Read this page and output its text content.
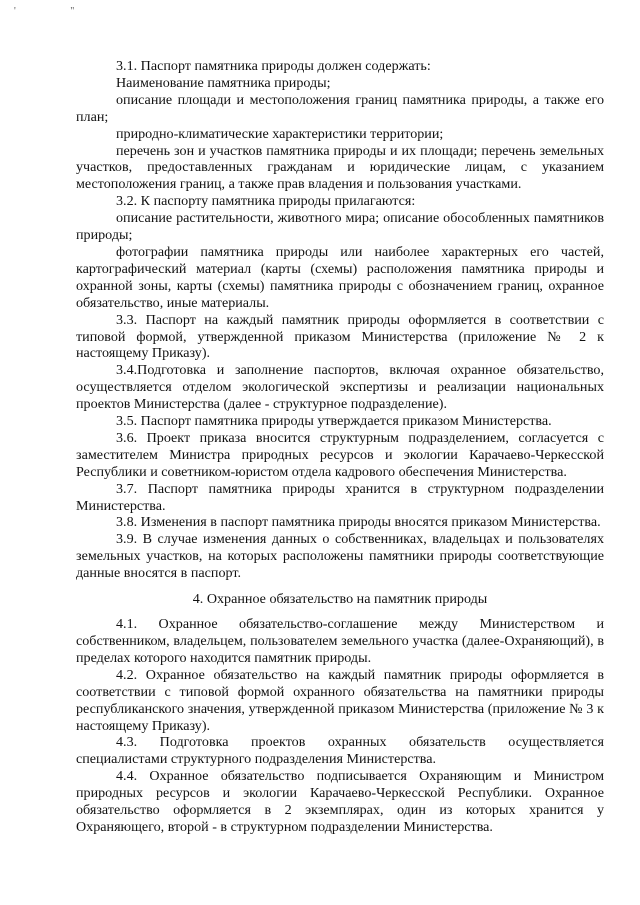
' "

3.1. Паспорт памятника природы должен содержать:

Наименование памятника природы;

описание площади и местоположения границ памятника природы, а также его план;

природно-климатические характеристики территории;

перечень зон и участков памятника природы и их площади; перечень земельных участков, предоставленных гражданам и юридические лицам, с указанием местоположения границ, а также прав владения и пользования участками.

3.2. К паспорту памятника природы прилагаются:

описание растительности, животного мира; описание обособленных памятников природы;

фотографии памятника природы или наиболее характерных его частей, картографический материал (карты (схемы) расположения памятника природы и охранной зоны, карты (схемы) памятника природы с обозначением границ, охранное обязательство, иные материалы.

3.3. Паспорт на каждый памятник природы оформляется в соответствии с типовой формой, утвержденной приказом Министерства (приложение № 2 к настоящему Приказу).

3.4.Подготовка и заполнение паспортов, включая охранное обязательство, осуществляется отделом экологической экспертизы и реализации национальных проектов Министерства (далее - структурное подразделение).

3.5. Паспорт памятника природы утверждается приказом Министерства.

3.6. Проект приказа вносится структурным подразделением, согласуется с заместителем Министра природных ресурсов и экологии Карачаево-Черкесской Республики и советником-юристом отдела кадрового обеспечения Министерства.

3.7. Паспорт памятника природы хранится в структурном подразделении Министерства.

3.8. Изменения в паспорт памятника природы вносятся приказом Министерства.

3.9. В случае изменения данных о собственниках, владельцах и пользователях земельных участков, на которых расположены памятники природы соответствующие данные вносятся в паспорт.

4. Охранное обязательство на памятник природы

4.1. Охранное обязательство-соглашение между Министерством и собственником, владельцем, пользователем земельного участка (далее-Охраняющий), в пределах которого находится памятник природы.

4.2. Охранное обязательство на каждый памятник природы оформляется в соответствии с типовой формой охранного обязательства на памятники природы республиканского значения, утвержденной приказом Министерства (приложение № 3 к настоящему Приказу).

4.3. Подготовка проектов охранных обязательств осуществляется специалистами структурного подразделения Министерства.

4.4. Охранное обязательство подписывается Охраняющим и Министром природных ресурсов и экологии Карачаево-Черкесской Республики. Охранное обязательство оформляется в 2 экземплярах, один из которых хранится у Охраняющего, второй - в структурном подразделении Министерства.
